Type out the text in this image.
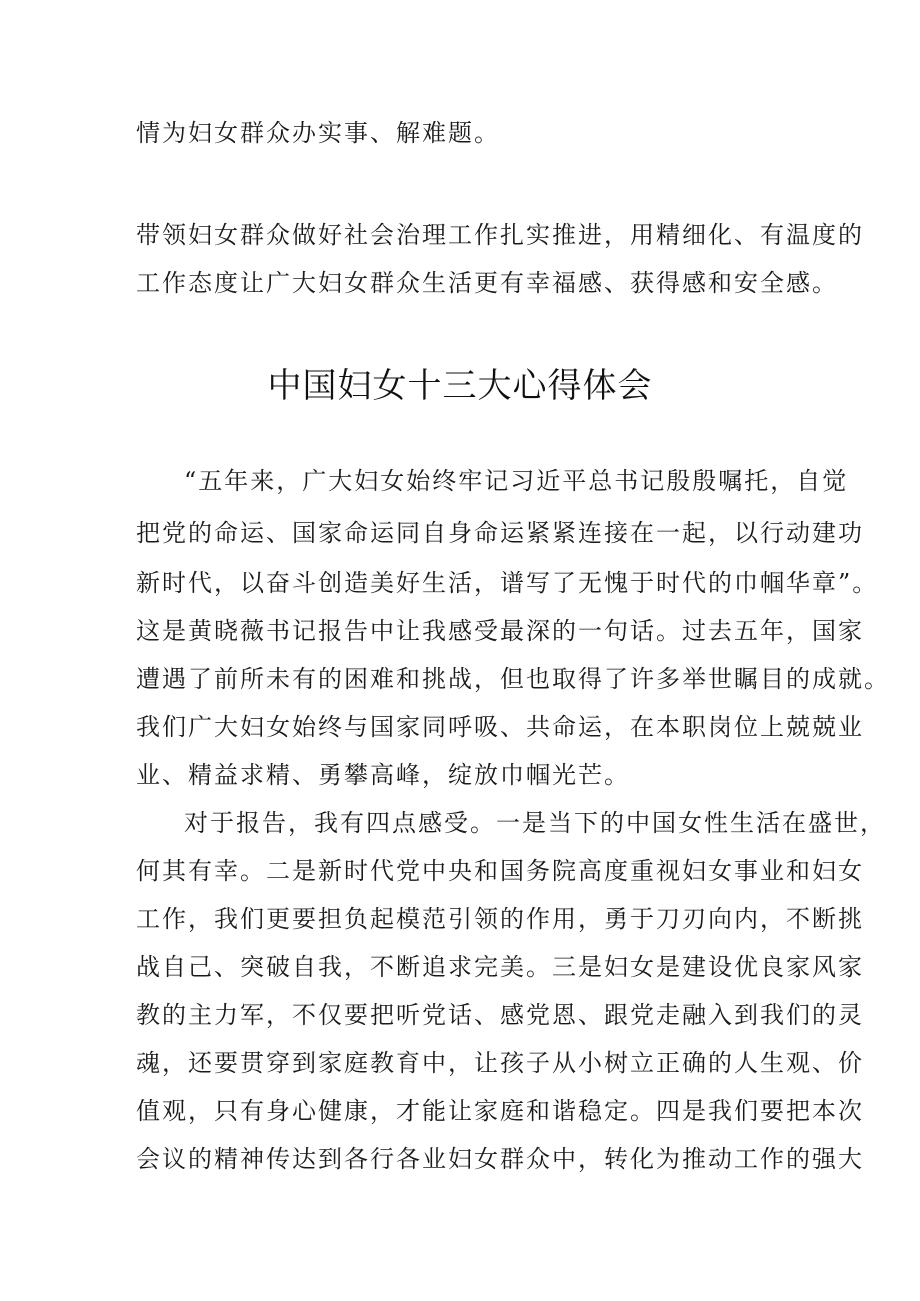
情为妇女群众办实事、解难题。
带领妇女群众做好社会治理工作扎实推进，用精细化、有温度的
工作态度让广大妇女群众生活更有幸福感、获得感和安全感。
中国妇女十三大心得体会
“五年来，广大妇女始终牢记习近平总书记殷殷嘱托，自觉
把党的命运、国家命运同自身命运紧紧连接在一起，以行动建功
新时代，以奋斗创造美好生活，谱写了无愧于时代的巾帼华章”。
这是黄晓薇书记报告中让我感受最深的一句话。过去五年，国家
遭遇了前所未有的困难和挑战，但也取得了许多举世瞩目的成就。
我们广大妇女始终与国家同呼吸、共命运，在本职岗位上兢兢业
业、精益求精、勇攀高峰，绽放巾帼光芒。
对于报告，我有四点感受。一是当下的中国女性生活在盛世，
何其有幸。二是新时代党中央和国务院高度重视妇女事业和妇女
工作，我们更要担负起模范引领的作用，勇于刀刃向内，不断挑
战自己、突破自我，不断追求完美。三是妇女是建设优良家风家
教的主力军，不仅要把听党话、感党恩、跟党走融入到我们的灵
魂，还要贯穿到家庭教育中，让孩子从小树立正确的人生观、价
值观，只有身心健康，才能让家庭和谐稳定。四是我们要把本次
会议的精神传达到各行各业妇女群众中，转化为推动工作的强大
